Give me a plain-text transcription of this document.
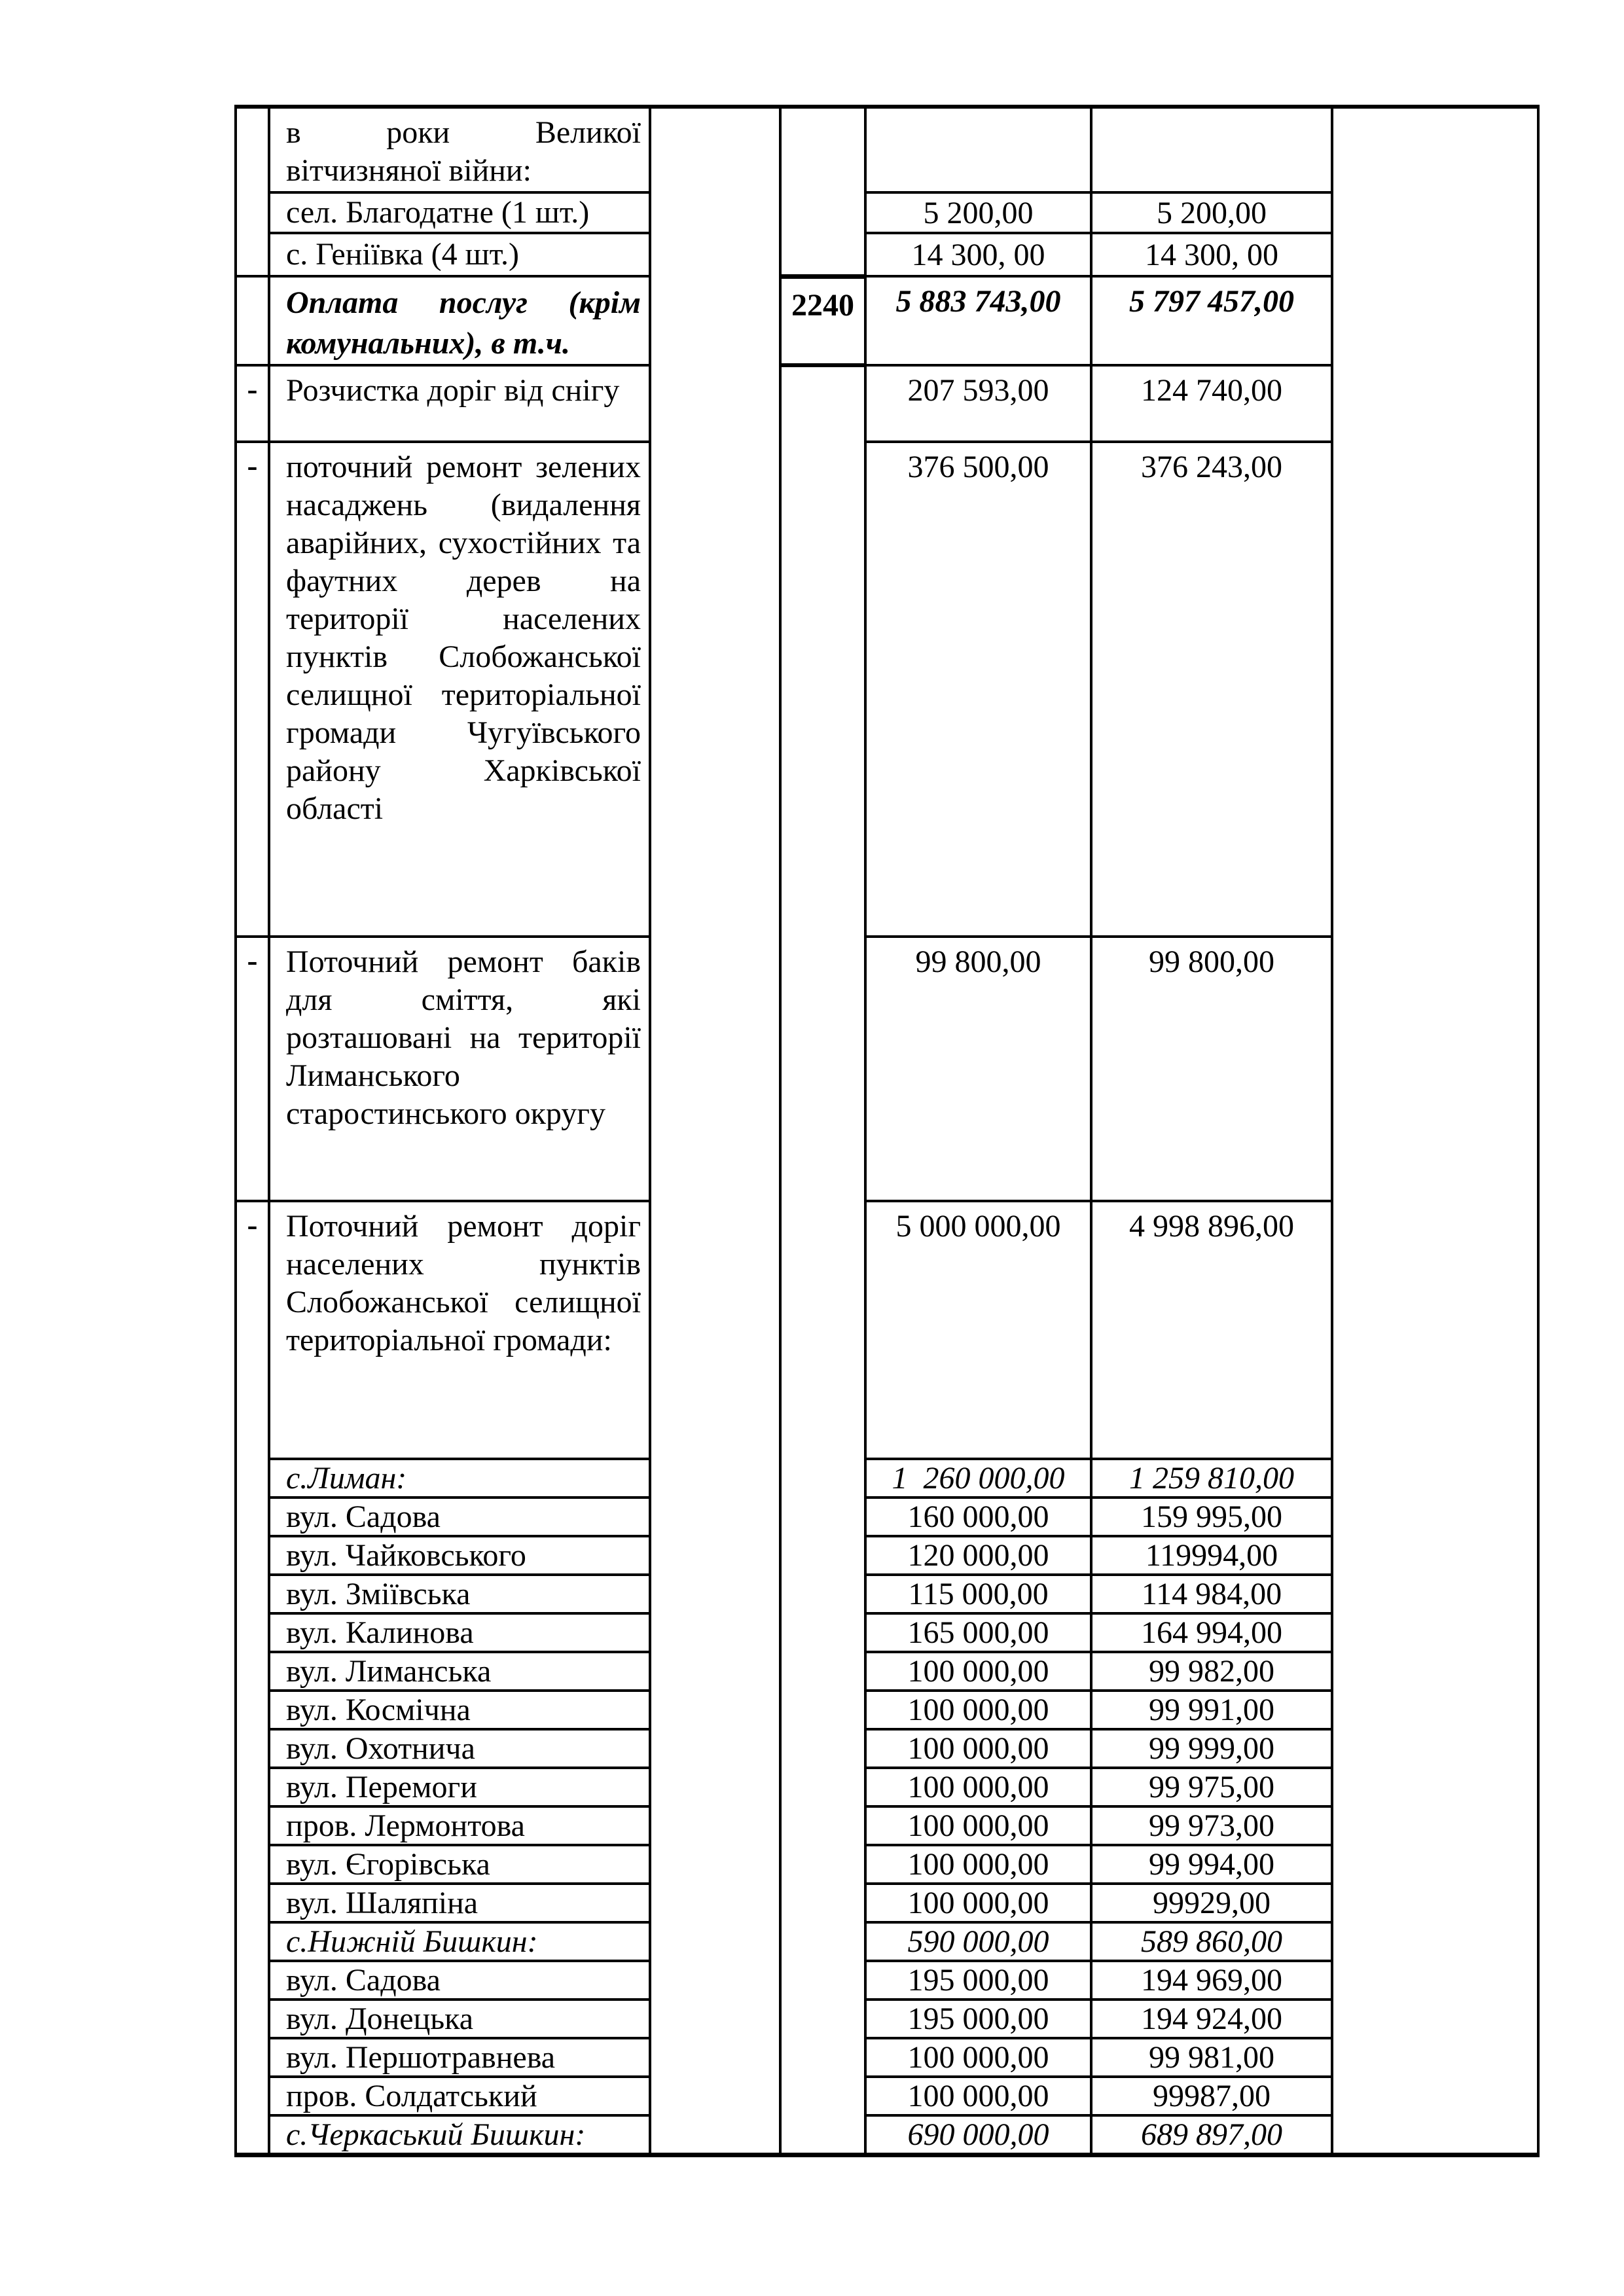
	в роки Великої вітчизняної війни:					
	сел. Благодатне (1 шт.)			5 200,00	5 200,00	
	с. Геніївка (4 шт.)			14 300, 00	14 300, 00	
	Оплата послуг (крім комунальних), в т.ч.		2240	5 883 743,00	5 797 457,00	
-	Розчистка доріг від снігу			207 593,00	124 740,00	
-	поточний ремонт зелених насаджень (видалення аварійних, сухостійних та фаутних дерев на території населених пунктів Слобожанської селищної територіальної громади Чугуївського району Харківської області			376 500,00	376 243,00	
-	Поточний ремонт баків для сміття, які розташовані на території Лиманського старостинського округу			99 800,00	99 800,00	
-	Поточний ремонт доріг населених пунктів Слобожанської селищної територіальної громади:			5 000 000,00	4 998 896,00	
	с.Лиман:			1  260 000,00	1 259 810,00	
	вул. Садова			160 000,00	159 995,00	
	вул. Чайковського			120 000,00	119994,00	
	вул. Зміївська			115 000,00	114 984,00	
	вул. Калинова			165 000,00	164 994,00	
	вул. Лиманська			100 000,00	99 982,00	
	вул. Космічна			100 000,00	99 991,00	
	вул. Охотнича			100 000,00	99 999,00	
	вул. Перемоги			100 000,00	99 975,00	
	пров. Лермонтова			100 000,00	99 973,00	
	вул. Єгорівська			100 000,00	99 994,00	
	вул. Шаляпіна			100 000,00	99929,00	
	с.Нижній Бишкин:			590 000,00	589 860,00	
	вул. Садова			195 000,00	194 969,00	
	вул. Донецька			195 000,00	194 924,00	
	вул. Першотравнева			100 000,00	99 981,00	
	пров. Солдатський			100 000,00	99987,00	
	с.Черкаський Бишкин:			690 000,00	689 897,00	
